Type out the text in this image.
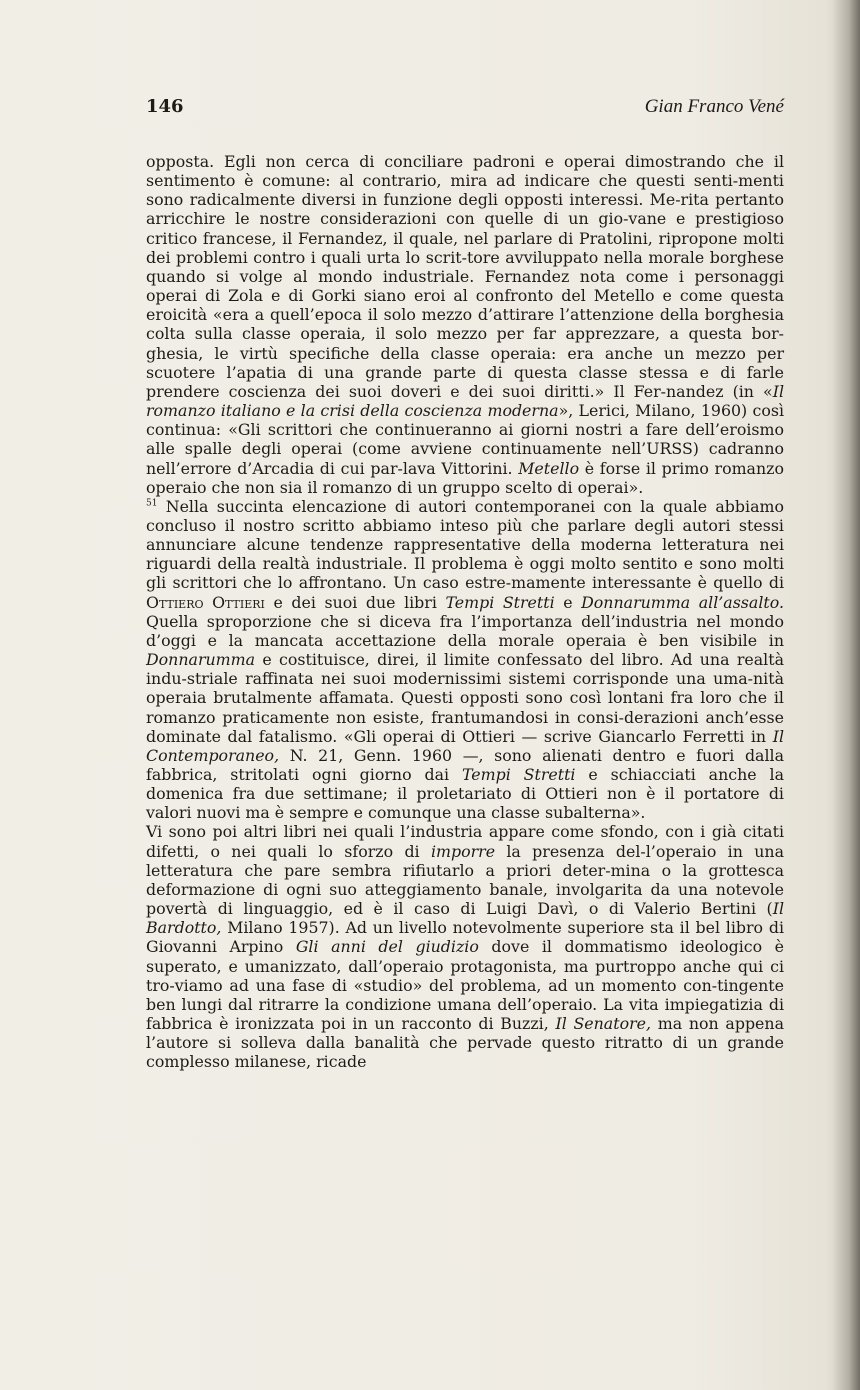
146	Gian Franco Vené

opposta. Egli non cerca di conciliare padroni e operai dimostrando che il sentimento è comune: al contrario, mira ad indicare che questi senti-menti sono radicalmente diversi in funzione degli opposti interessi. Me-rita pertanto arricchire le nostre considerazioni con quelle di un gio-vane e prestigioso critico francese, il Fernandez, il quale, nel parlare di Pratolini, ripropone molti dei problemi contro i quali urta lo scrit-tore avviluppato nella morale borghese quando si volge al mondo industriale. Fernandez nota come i personaggi operai di Zola e di Gorki siano eroi al confronto del Metello e come questa eroicità «era a quell’epoca il solo mezzo d’attirare l’attenzione della borghesia colta sulla classe operaia, il solo mezzo per far apprezzare, a questa bor-ghesia, le virtù specifiche della classe operaia: era anche un mezzo per scuotere l’apatia di una grande parte di questa classe stessa e di farle prendere coscienza dei suoi doveri e dei suoi diritti.» Il Fer-nandez (in «Il romanzo italiano e la crisi della coscienza moderna», Lerici, Milano, 1960) così continua: «Gli scrittori che continueranno ai giorni nostri a fare dell’eroismo alle spalle degli operai (come avviene continuamente nell’URSS) cadranno nell’errore d’Arcadia di cui par-lava Vittorini. Metello è forse il primo romanzo operaio che non sia il romanzo di un gruppo scelto di operai».

$^{51}$ Nella succinta elencazione di autori contemporanei con la quale abbiamo concluso il nostro scritto abbiamo inteso più che parlare degli autori stessi annunciare alcune tendenze rappresentative della moderna letteratura nei riguardi della realtà industriale. Il problema è oggi molto sentito e sono molti gli scrittori che lo affrontano. Un caso estre-mamente interessante è quello di Ottiero Ottieri e dei suoi due libri Tempi Stretti e Donnarumma all’assalto. Quella sproporzione che si diceva fra l’importanza dell’industria nel mondo d’oggi e la mancata accettazione della morale operaia è ben visibile in Donnarumma e costituisce, direi, il limite confessato del libro. Ad una realtà indu-striale raffinata nei suoi modernissimi sistemi corrisponde una uma-nità operaia brutalmente affamata. Questi opposti sono così lontani fra loro che il romanzo praticamente non esiste, frantumandosi in consi-derazioni anch’esse dominate dal fatalismo. «Gli operai di Ottieri — scrive Giancarlo Ferretti in Il Contemporaneo, N. 21, Genn. 1960 —, sono alienati dentro e fuori dalla fabbrica, stritolati ogni giorno dai Tempi Stretti e schiacciati anche la domenica fra due settimane; il proletariato di Ottieri non è il portatore di valori nuovi ma è sempre e comunque una classe subalterna».

Vi sono poi altri libri nei quali l’industria appare come sfondo, con i già citati difetti, o nei quali lo sforzo di imporre la presenza del-l’operaio in una letteratura che pare sembra rifiutarlo a priori deter-mina o la grottesca deformazione di ogni suo atteggiamento banale, involgarita da una notevole povertà di linguaggio, ed è il caso di Luigi Davì, o di Valerio Bertini (Il Bardotto, Milano 1957). Ad un livello notevolmente superiore sta il bel libro di Giovanni Arpino Gli anni del giudizio dove il dommatismo ideologico è superato, e umanizzato, dall’operaio protagonista, ma purtroppo anche qui ci tro-viamo ad una fase di «studio» del problema, ad un momento con-tingente ben lungi dal ritrarre la condizione umana dell’operaio. La vita impiegatizia di fabbrica è ironizzata poi in un racconto di Buzzi, Il Senatore, ma non appena l’autore si solleva dalla banalità che pervade questo ritratto di un grande complesso milanese, ricade
